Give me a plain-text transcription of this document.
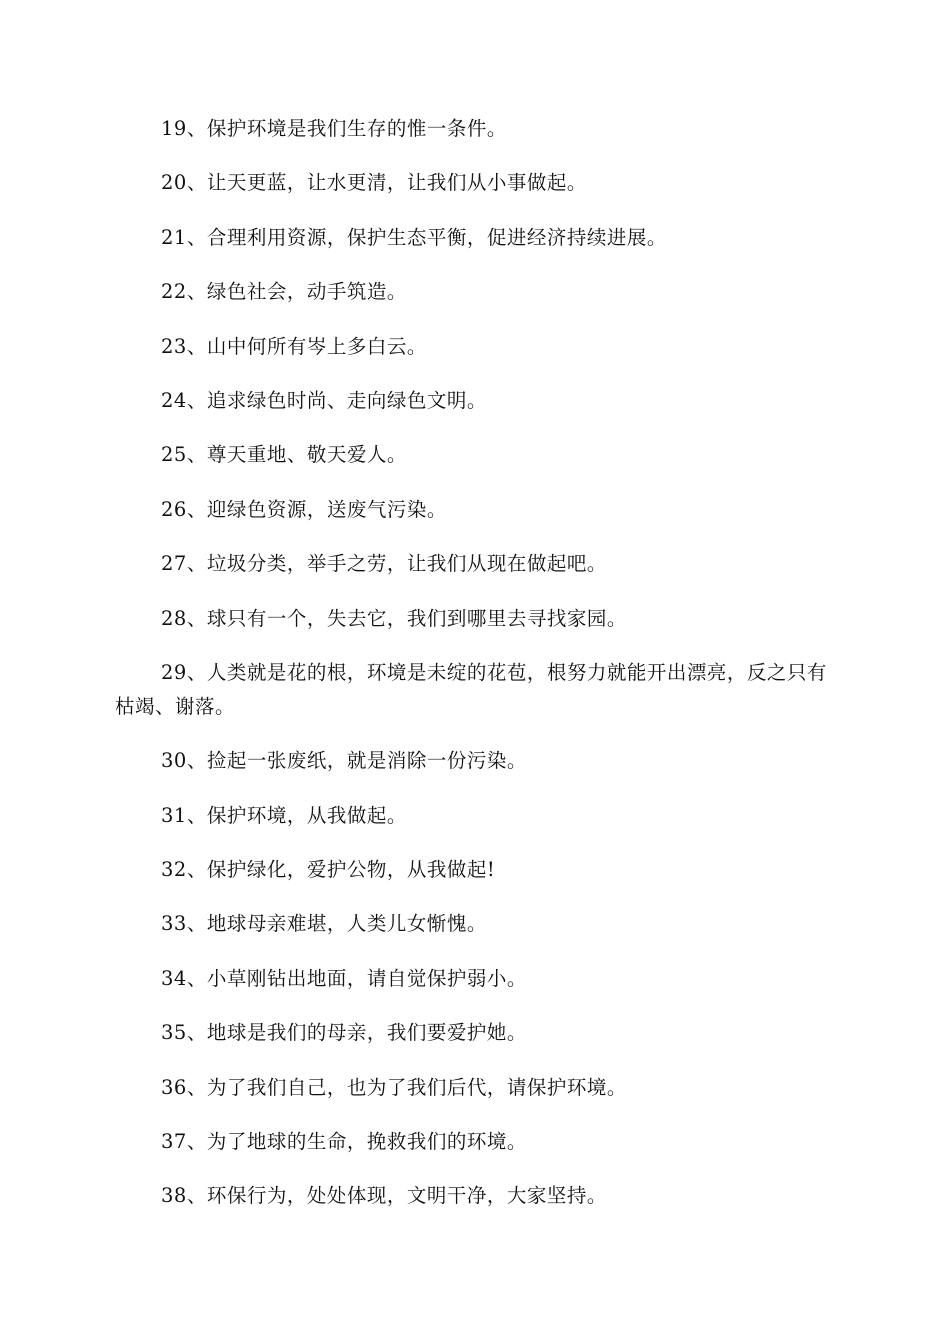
19、保护环境是我们生存的惟一条件。

20、让天更蓝，让水更清，让我们从小事做起。

21、合理利用资源，保护生态平衡，促进经济持续进展。

22、绿色社会，动手筑造。

23、山中何所有岑上多白云。

24、追求绿色时尚、走向绿色文明。

25、尊天重地、敬天爱人。

26、迎绿色资源，送废气污染。

27、垃圾分类，举手之劳，让我们从现在做起吧。

28、球只有一个，失去它，我们到哪里去寻找家园。

29、人类就是花的根，环境是未绽的花苞，根努力就能开出漂亮，反之只有枯竭、谢落。

30、捡起一张废纸，就是消除一份污染。

31、保护环境，从我做起。

32、保护绿化，爱护公物，从我做起!

33、地球母亲难堪，人类儿女惭愧。

34、小草刚钻出地面，请自觉保护弱小。

35、地球是我们的母亲，我们要爱护她。

36、为了我们自己，也为了我们后代，请保护环境。

37、为了地球的生命，挽救我们的环境。

38、环保行为，处处体现，文明干净，大家坚持。
